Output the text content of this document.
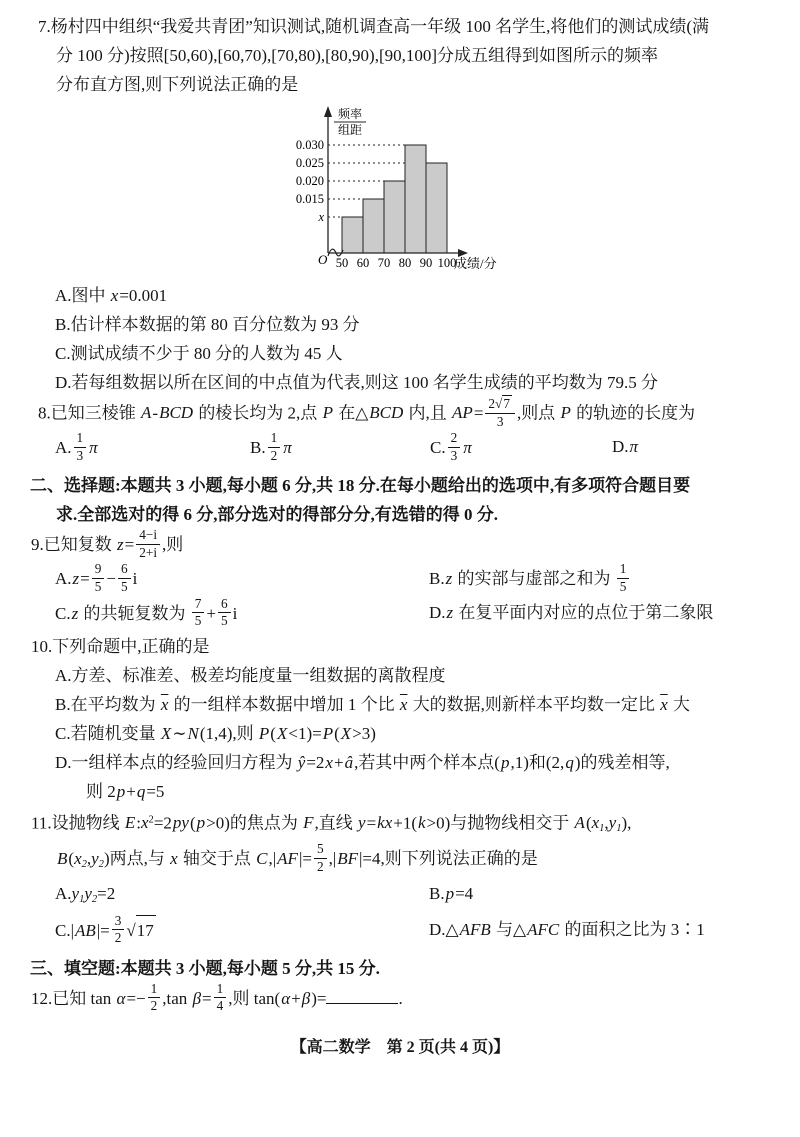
7.杨村四中组织“我爱共青团”知识测试,随机调查高一年级 100 名学生,将他们的测试成绩(满
分 100 分)按照[50,60),[60,70),[70,80),[80,90),[90,100]分成五组得到如图所示的频率
分布直方图,则下列说法正确的是
x
0.015
0.020
0.025
0.030
50 60 70 80 90 100
频率
组距
成绩/分
O
A.图中 x=0.001
B.估计样本数据的第 80 百分位数为 93 分
C.测试成绩不少于 80 分的人数为 45 人
D.若每组数据以所在区间的中点值为代表,则这 100 名学生成绩的平均数为 79.5 分
8.已知三棱锥 A-BCD 的棱长均为 2,点 P 在△BCD 内,且 $AP= \frac{2 √ 7}{3}$ ,则点 P 的轨迹的长度为
A. $\frac{1}{3}$ π	B. $\frac{1}{2}$ π	C. $\frac{2}{3}$ π	D.π
二、选择题:本题共 3 小题,每小题 6 分,共 18 分.在每小题给出的选项中,有多项符合题目要
求.全部选对的得 6 分,部分选对的得部分分,有选错的得 0 分.
9.已知复数 $z= \frac{4-i}{2+i}$ ,则
$A.z= \frac{9}{5} - \frac{6}{5}$ i	B.z 的实部与虚部之和为 $\frac{1}{5}$
C.z 的共轭复数为 $\frac{7}{5} + \frac{6}{5}$ i	D.z 在复平面内对应的点位于第二象限
10.下列命题中,正确的是
A.方差、标准差、极差均能度量一组数据的离散程度
B.在平均数为 $\overline{x}$ 的一组样本数据中增加 1 个比 $\overline{x}$ 大的数据,则新样本平均数一定比 $\overline{x}$ 大
C.若随机变量 X∼N(1,4),则 P(X<1)=P(X>3)
D.一组样本点的经验回归方程为 ŷ=2x+â,若其中两个样本点(p,1)和(2,q)的残差相等,
则 2p+q=5
11.设抛物线 $E:x^2=2py(p>0)$的焦点为 F,直线 y=kx+1(k>0)与抛物线相交于 A(x1,y1),
B(x2,y2)两点,与 x 轴交于点 $C,|AF|= \frac{5}{2} ,|BF|=4$,则下列说法正确的是
A.y1y2=2	B.p=4
$C.|AB|= \frac{3}{2}$ √ 17	D.△AFB 与△AFC 的面积之比为 3∶1
三、填空题:本题共 3 小题,每小题 5 分,共 15 分.
12.已知 $\tan \alpha=- \frac{1}{2} ,\tan$ $\beta= \frac{1}{4}$ ,则 tan(α+β)=	.
【高二数学　第 2 页(共 4 页)】
